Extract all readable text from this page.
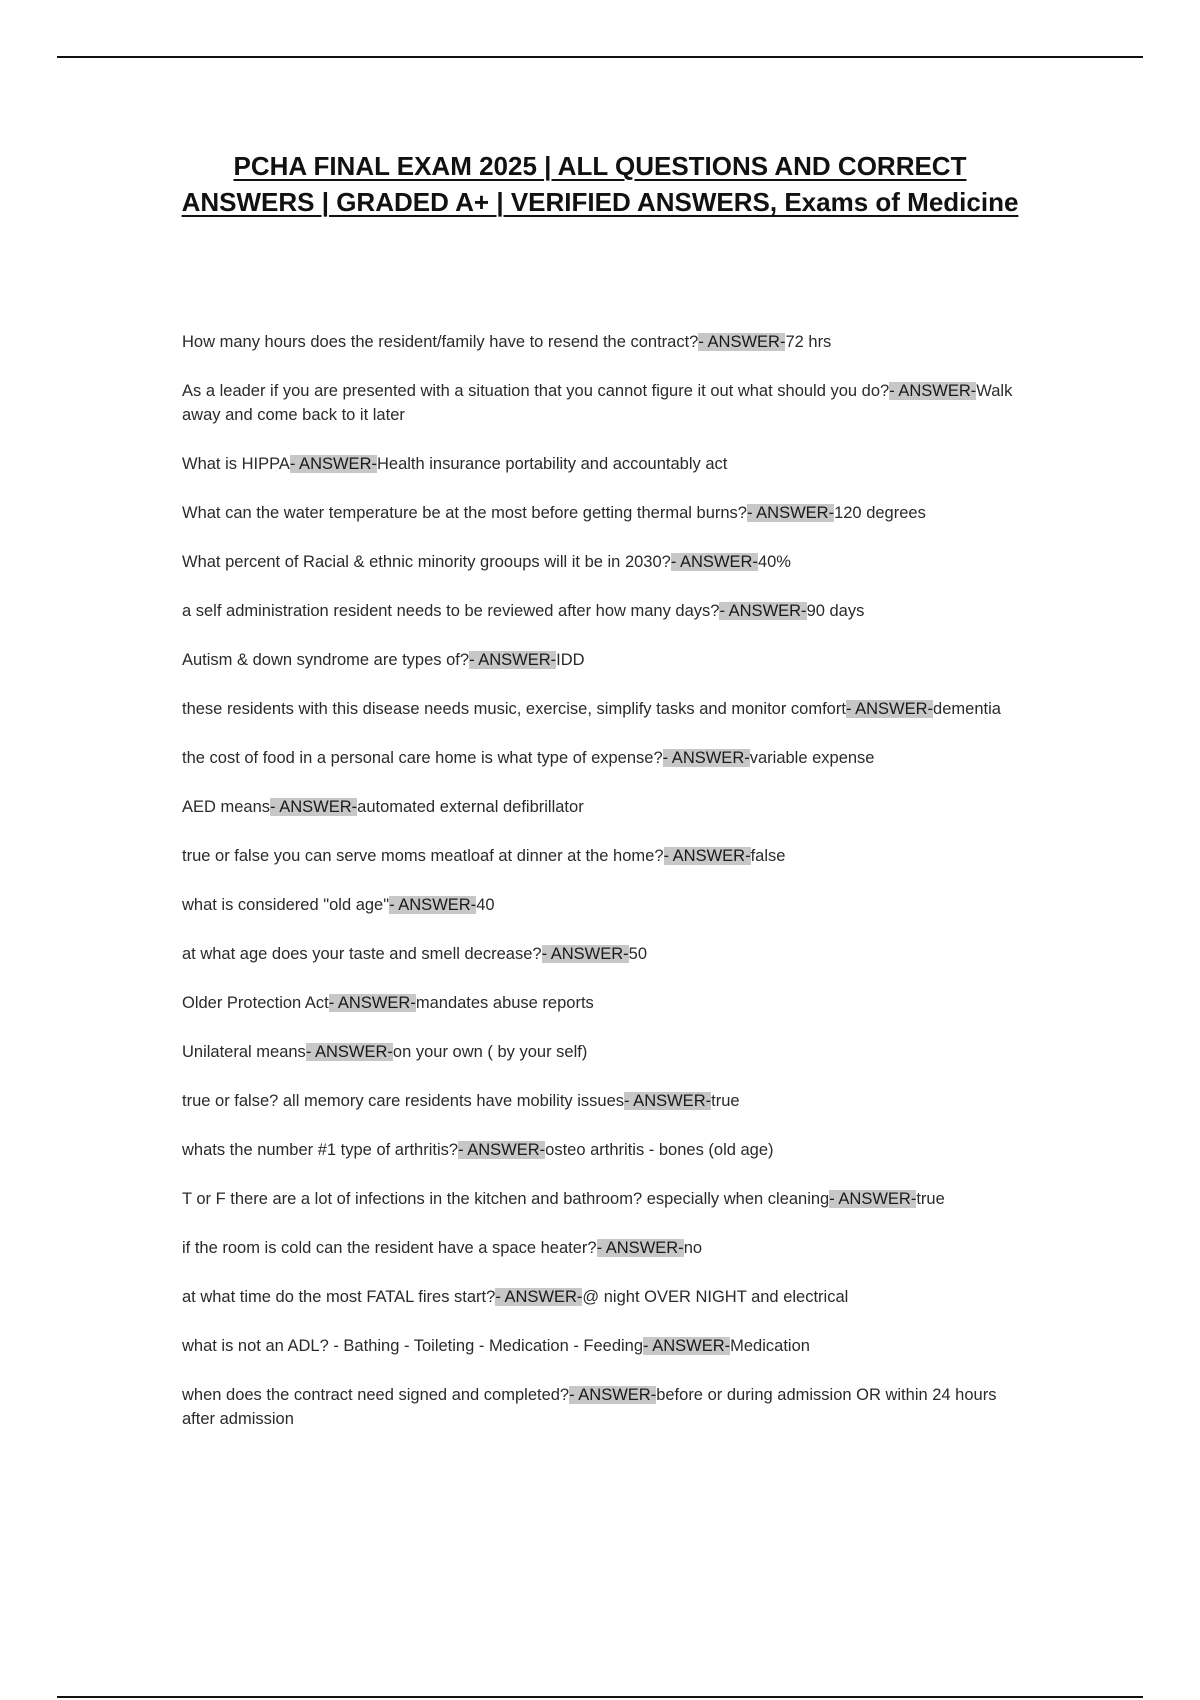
PCHA FINAL EXAM 2025 | ALL QUESTIONS AND CORRECT ANSWERS | GRADED A+ | VERIFIED ANSWERS, Exams of Medicine
How many hours does the resident/family have to resend the contract?- ANSWER-72 hrs
As a leader if you are presented with a situation that you cannot figure it out what should you do?- ANSWER-Walk away and come back to it later
What is HIPPA- ANSWER-Health insurance portability and accountably act
What can the water temperature be at the most before getting thermal burns?- ANSWER-120 degrees
What percent of Racial & ethnic minority grooups will it be in 2030?- ANSWER-40%
a self administration resident needs to be reviewed after how many days?- ANSWER-90 days
Autism & down syndrome are types of?- ANSWER-IDD
these residents with this disease needs music, exercise, simplify tasks and monitor comfort- ANSWER-dementia
the cost of food in a personal care home is what type of expense?- ANSWER-variable expense
AED means- ANSWER-automated external defibrillator
true or false you can serve moms meatloaf at dinner at the home?- ANSWER-false
what is considered "old age"- ANSWER-40
at what age does your taste and smell decrease?- ANSWER-50
Older Protection Act- ANSWER-mandates abuse reports
Unilateral means- ANSWER-on your own ( by your self)
true or false? all memory care residents have mobility issues- ANSWER-true
whats the number #1 type of arthritis?- ANSWER-osteo arthritis - bones (old age)
T or F there are a lot of infections in the kitchen and bathroom? especially when cleaning- ANSWER-true
if the room is cold can the resident have a space heater?- ANSWER-no
at what time do the most FATAL fires start?- ANSWER-@ night OVER NIGHT and electrical
what is not an ADL? - Bathing - Toileting - Medication - Feeding- ANSWER-Medication
when does the contract need signed and completed?- ANSWER-before or during admission OR within 24 hours after admission
